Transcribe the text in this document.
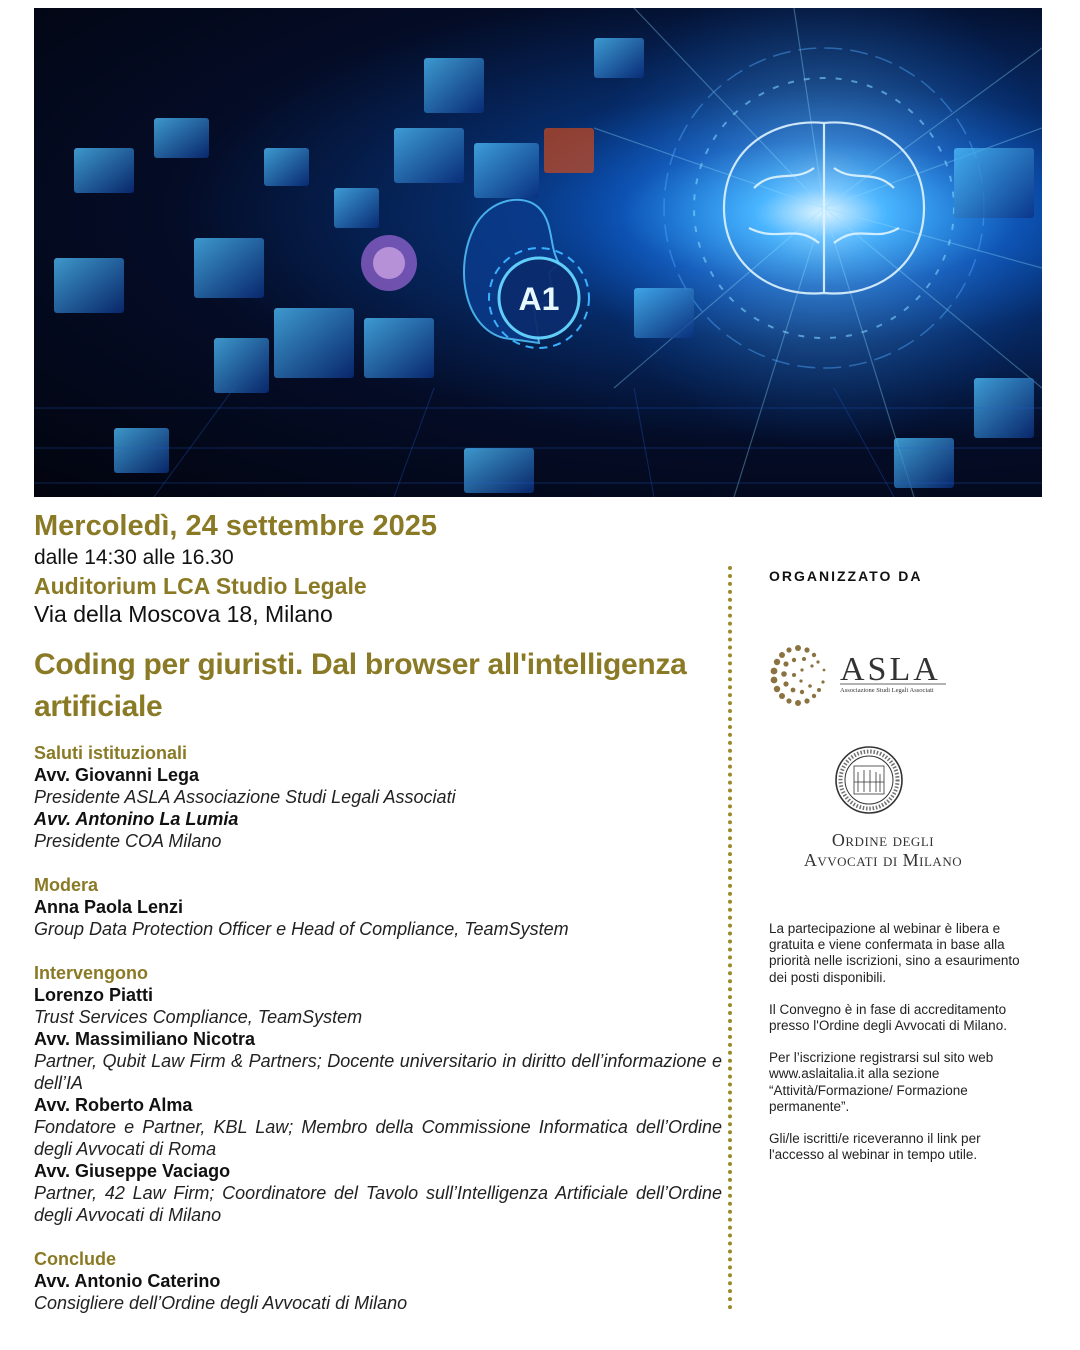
A1
Mercoledì, 24 settembre 2025
dalle 14:30 alle 16.30
Auditorium LCA Studio Legale
Via della Moscova 18, Milano
Coding per giuristi. Dal browser all'intelligenza artificiale
Saluti istituzionali
Avv. Giovanni Lega
Presidente ASLA Associazione Studi Legali Associati
Avv. Antonino La Lumia
Presidente COA Milano
Modera
Anna Paola Lenzi
Group Data Protection Officer e Head of Compliance, TeamSystem
Intervengono
Lorenzo Piatti
Trust Services Compliance, TeamSystem
Avv. Massimiliano Nicotra
Partner, Qubit Law Firm & Partners; Docente universitario in diritto dell’informazione e dell’IA
Avv. Roberto Alma
Fondatore e Partner, KBL Law; Membro della Commissione Informatica dell’Ordine degli Avvocati di Roma
Avv. Giuseppe Vaciago
Partner, 42 Law Firm; Coordinatore del Tavolo sull’Intelligenza Artificiale dell’Ordine degli Avvocati di Milano
Conclude
Avv. Antonio Caterino
Consigliere dell’Ordine degli Avvocati di Milano
ORGANIZZATO DA
ASLA
Associazione Studi Legali Associati
Ordine degli
Avvocati di Milano

La partecipazione al webinar è libera e gratuita e viene confermata in base alla priorità nelle iscrizioni, sino a esaurimento dei posti disponibili.

Il Convegno è in fase di accreditamento presso l'Ordine degli Avvocati di Milano.

Per l’iscrizione registrarsi sul sito web www.aslaitalia.it alla sezione “Attività/Formazione/ Formazione permanente”.

Gli/le iscritti/e riceveranno il link per l'accesso al webinar in tempo utile.
